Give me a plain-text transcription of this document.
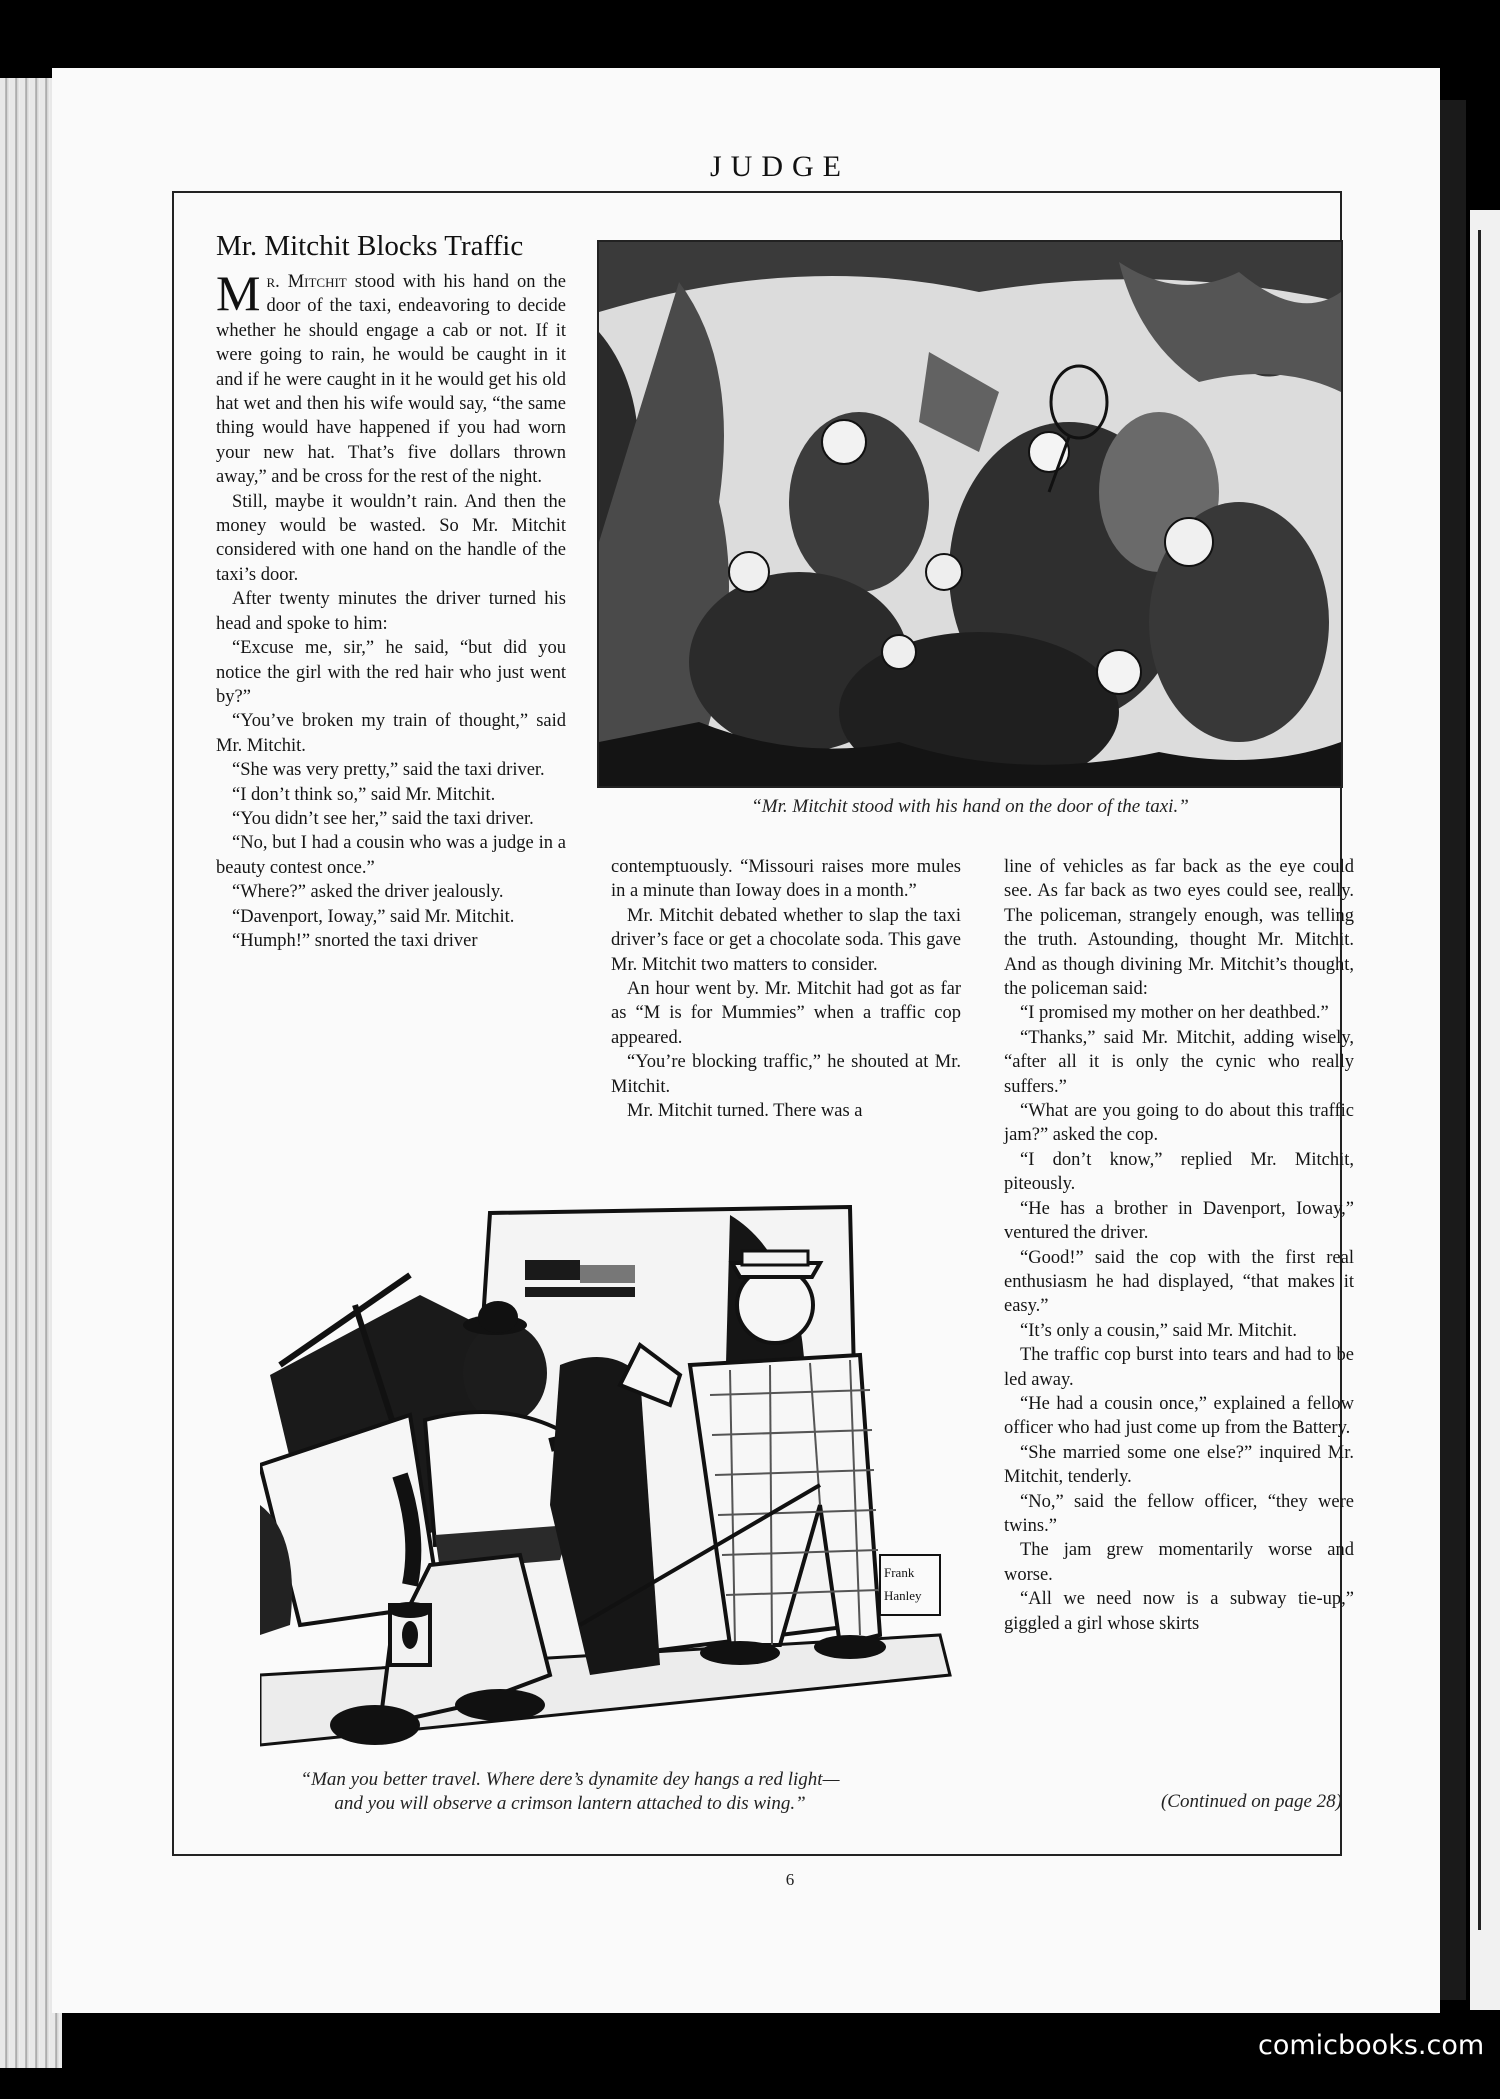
JUDGE
Mr. Mitchit Blocks Traffic

Mr. Mitchit stood with his hand on the door of the taxi, endeavoring to decide whether he should engage a cab or not. If it were going to rain, he would be caught in it and if he were caught in it he would get his old hat wet and then his wife would say, “the same thing would have happened if you had worn your new hat. That’s five dollars thrown away,” and be cross for the rest of the night.

Still, maybe it wouldn’t rain. And then the money would be wasted. So Mr. Mitchit considered with one hand on the handle of the taxi’s door.

After twenty minutes the driver turned his head and spoke to him:

“Excuse me, sir,” he said, “but did you notice the girl with the red hair who just went by?”

“You’ve broken my train of thought,” said Mr. Mitchit.

“She was very pretty,” said the taxi driver.

“I don’t think so,” said Mr. Mitchit.

“You didn’t see her,” said the taxi driver.

“No, but I had a cousin who was a judge in a beauty contest once.”

“Where?” asked the driver jealously.

“Davenport, Ioway,” said Mr. Mitchit.

“Humph!” snorted the taxi driver

“Mr. Mitchit stood with his hand on the door of the taxi.”

contemptuously. “Missouri raises more mules in a minute than Ioway does in a month.”

Mr. Mitchit debated whether to slap the taxi driver’s face or get a chocolate soda. This gave Mr. Mitchit two matters to consider.

An hour went by. Mr. Mitchit had got as far as “M is for Mummies” when a traffic cop appeared.

“You’re blocking traffic,” he shouted at Mr. Mitchit.

Mr. Mitchit turned. There was a

line of vehicles as far back as the eye could see. As far back as two eyes could see, really. The policeman, strangely enough, was telling the truth. Astounding, thought Mr. Mitchit. And as though divining Mr. Mitchit’s thought, the policeman said:

“I promised my mother on her deathbed.”

“Thanks,” said Mr. Mitchit, adding wisely, “after all it is only the cynic who really suffers.”

“What are you going to do about this traffic jam?” asked the cop.

“I don’t know,” replied Mr. Mitchit, piteously.

“He has a brother in Davenport, Ioway,” ventured the driver.

“Good!” said the cop with the first real enthusiasm he had displayed, “that makes it easy.”

“It’s only a cousin,” said Mr. Mitchit.

The traffic cop burst into tears and had to be led away.

“He had a cousin once,” explained a fellow officer who had just come up from the Battery.

“She married some one else?” inquired Mr. Mitchit, tenderly.

“No,” said the fellow officer, “they were twins.”

The jam grew momentarily worse and worse.

“All we need now is a subway tie-up,” giggled a girl whose skirts

Frank
Hanley
“Man you better travel. Where dere’s dynamite dey hangs a red light—
and you will observe a crimson lantern attached to dis wing.”	(Continued on page 28)
6
comicbooks.com
